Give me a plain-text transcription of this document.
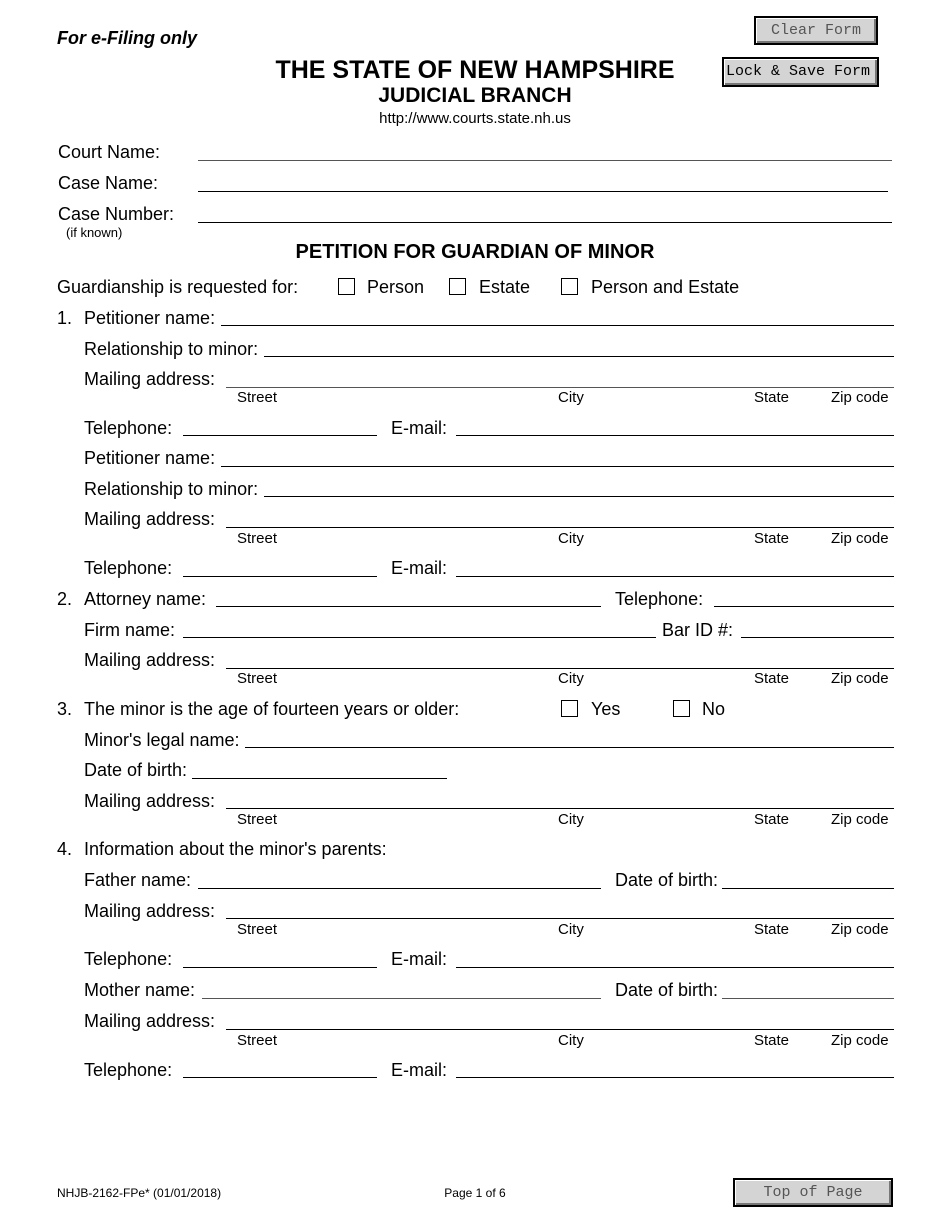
For e-Filing only	Clear Form
Lock & Save Form
THE STATE OF NEW HAMPSHIRE
JUDICIAL BRANCH
http://www.courts.state.nh.us
Court Name:
Case Name:
Case Number:
(if known)
PETITION FOR GUARDIAN OF MINOR
Guardianship is requested for:	Person	Estate	Person and Estate
1. Petitioner name:
Relationship to minor:
Mailing address:
Street	City	State	Zip code
Telephone:	E-mail:
Petitioner name:
Relationship to minor:
Mailing address:
Street	City	State	Zip code
Telephone:	E-mail:
2. Attorney name:	Telephone:
Firm name:	Bar ID #:
Mailing address:
Street	City	State	Zip code
3. The minor is the age of fourteen years or older:	Yes	No
Minor's legal name:
Date of birth:
Mailing address:
Street	City	State	Zip code
4. Information about the minor's parents:
Father name:	Date of birth:
Mailing address:
Street	City	State	Zip code
Telephone:	E-mail:
Mother name:	Date of birth:
Mailing address:
Street	City	State	Zip code
Telephone:	E-mail:
NHJB-2162-FPe* (01/01/2018)	Page 1 of 6	Top of Page
